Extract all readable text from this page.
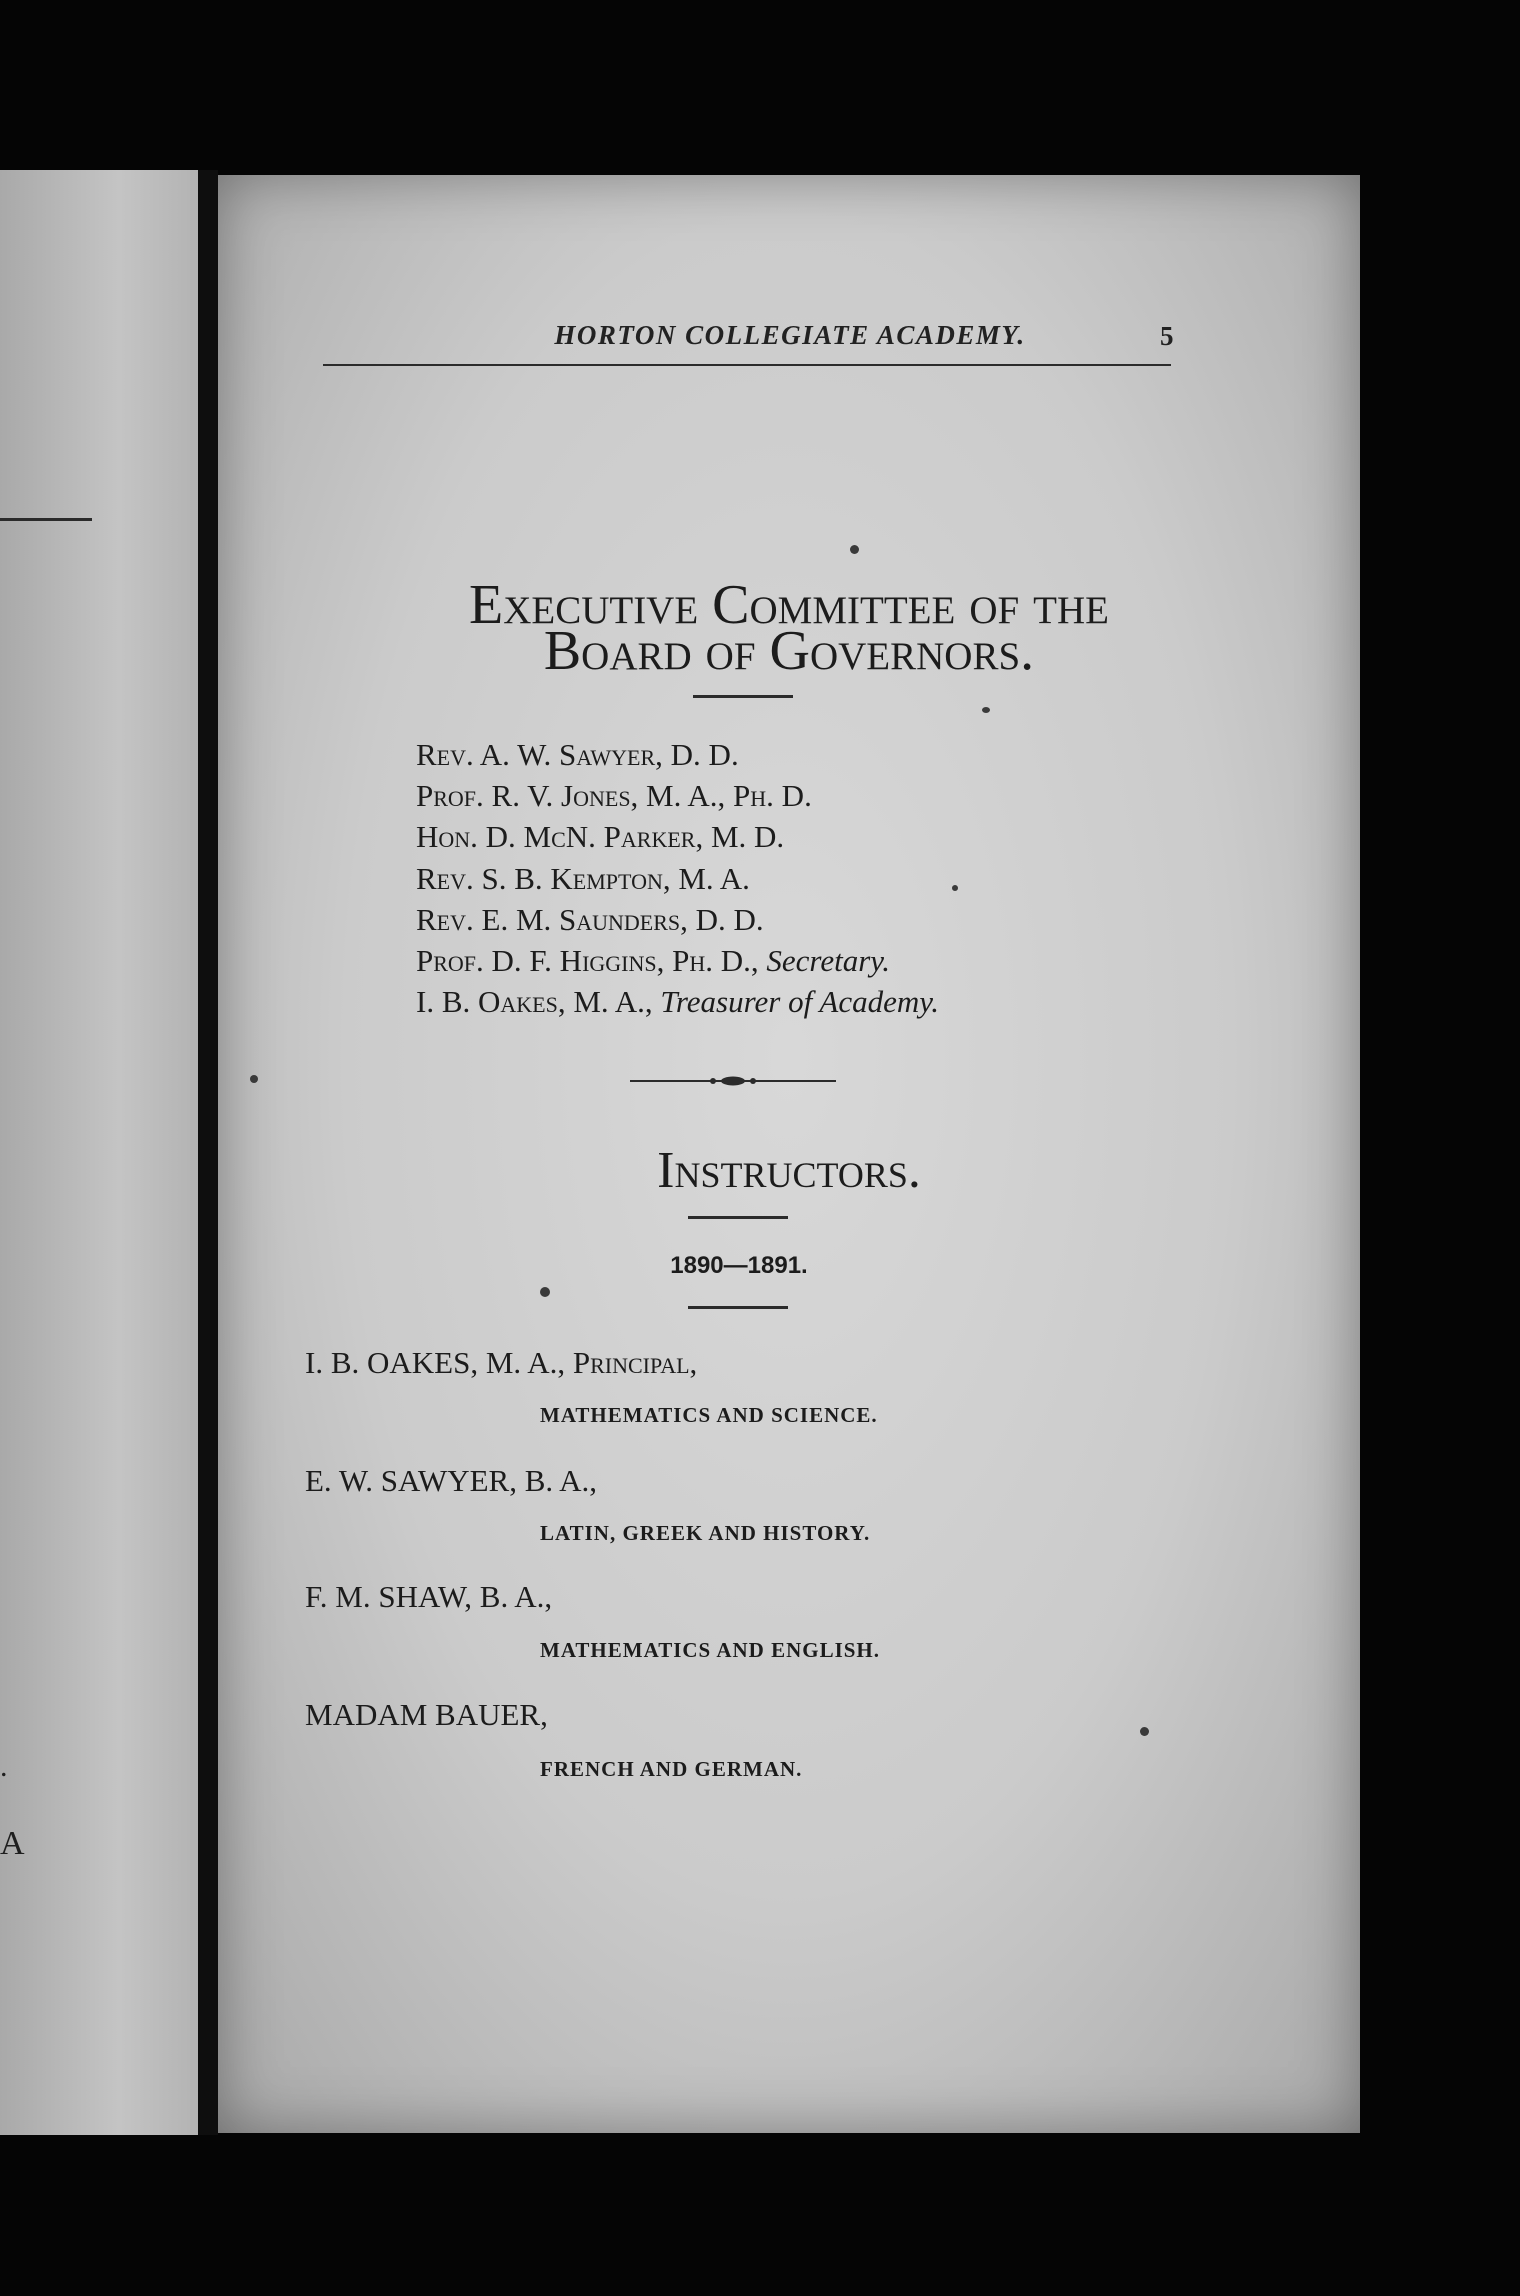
.
A
HORTON COLLEGIATE ACADEMY.	5
Executive Committee of the
Board of Governors.
Rev. A. W. Sawyer, D. D.
Prof. R. V. Jones, M. A., Ph. D.
Hon. D. McN. Parker, M. D.
Rev. S. B. Kempton, M. A.
Rev. E. M. Saunders, D. D.
Prof. D. F. Higgins, Ph. D., Secretary.
I. B. Oakes, M. A., Treasurer of Academy.
Instructors.
1890—1891.
I. B. OAKES, M. A., Principal,
MATHEMATICS AND SCIENCE.
E. W. SAWYER, B. A.,
LATIN, GREEK AND HISTORY.
F. M. SHAW, B. A.,
MATHEMATICS AND ENGLISH.
MADAM BAUER,
FRENCH AND GERMAN.
